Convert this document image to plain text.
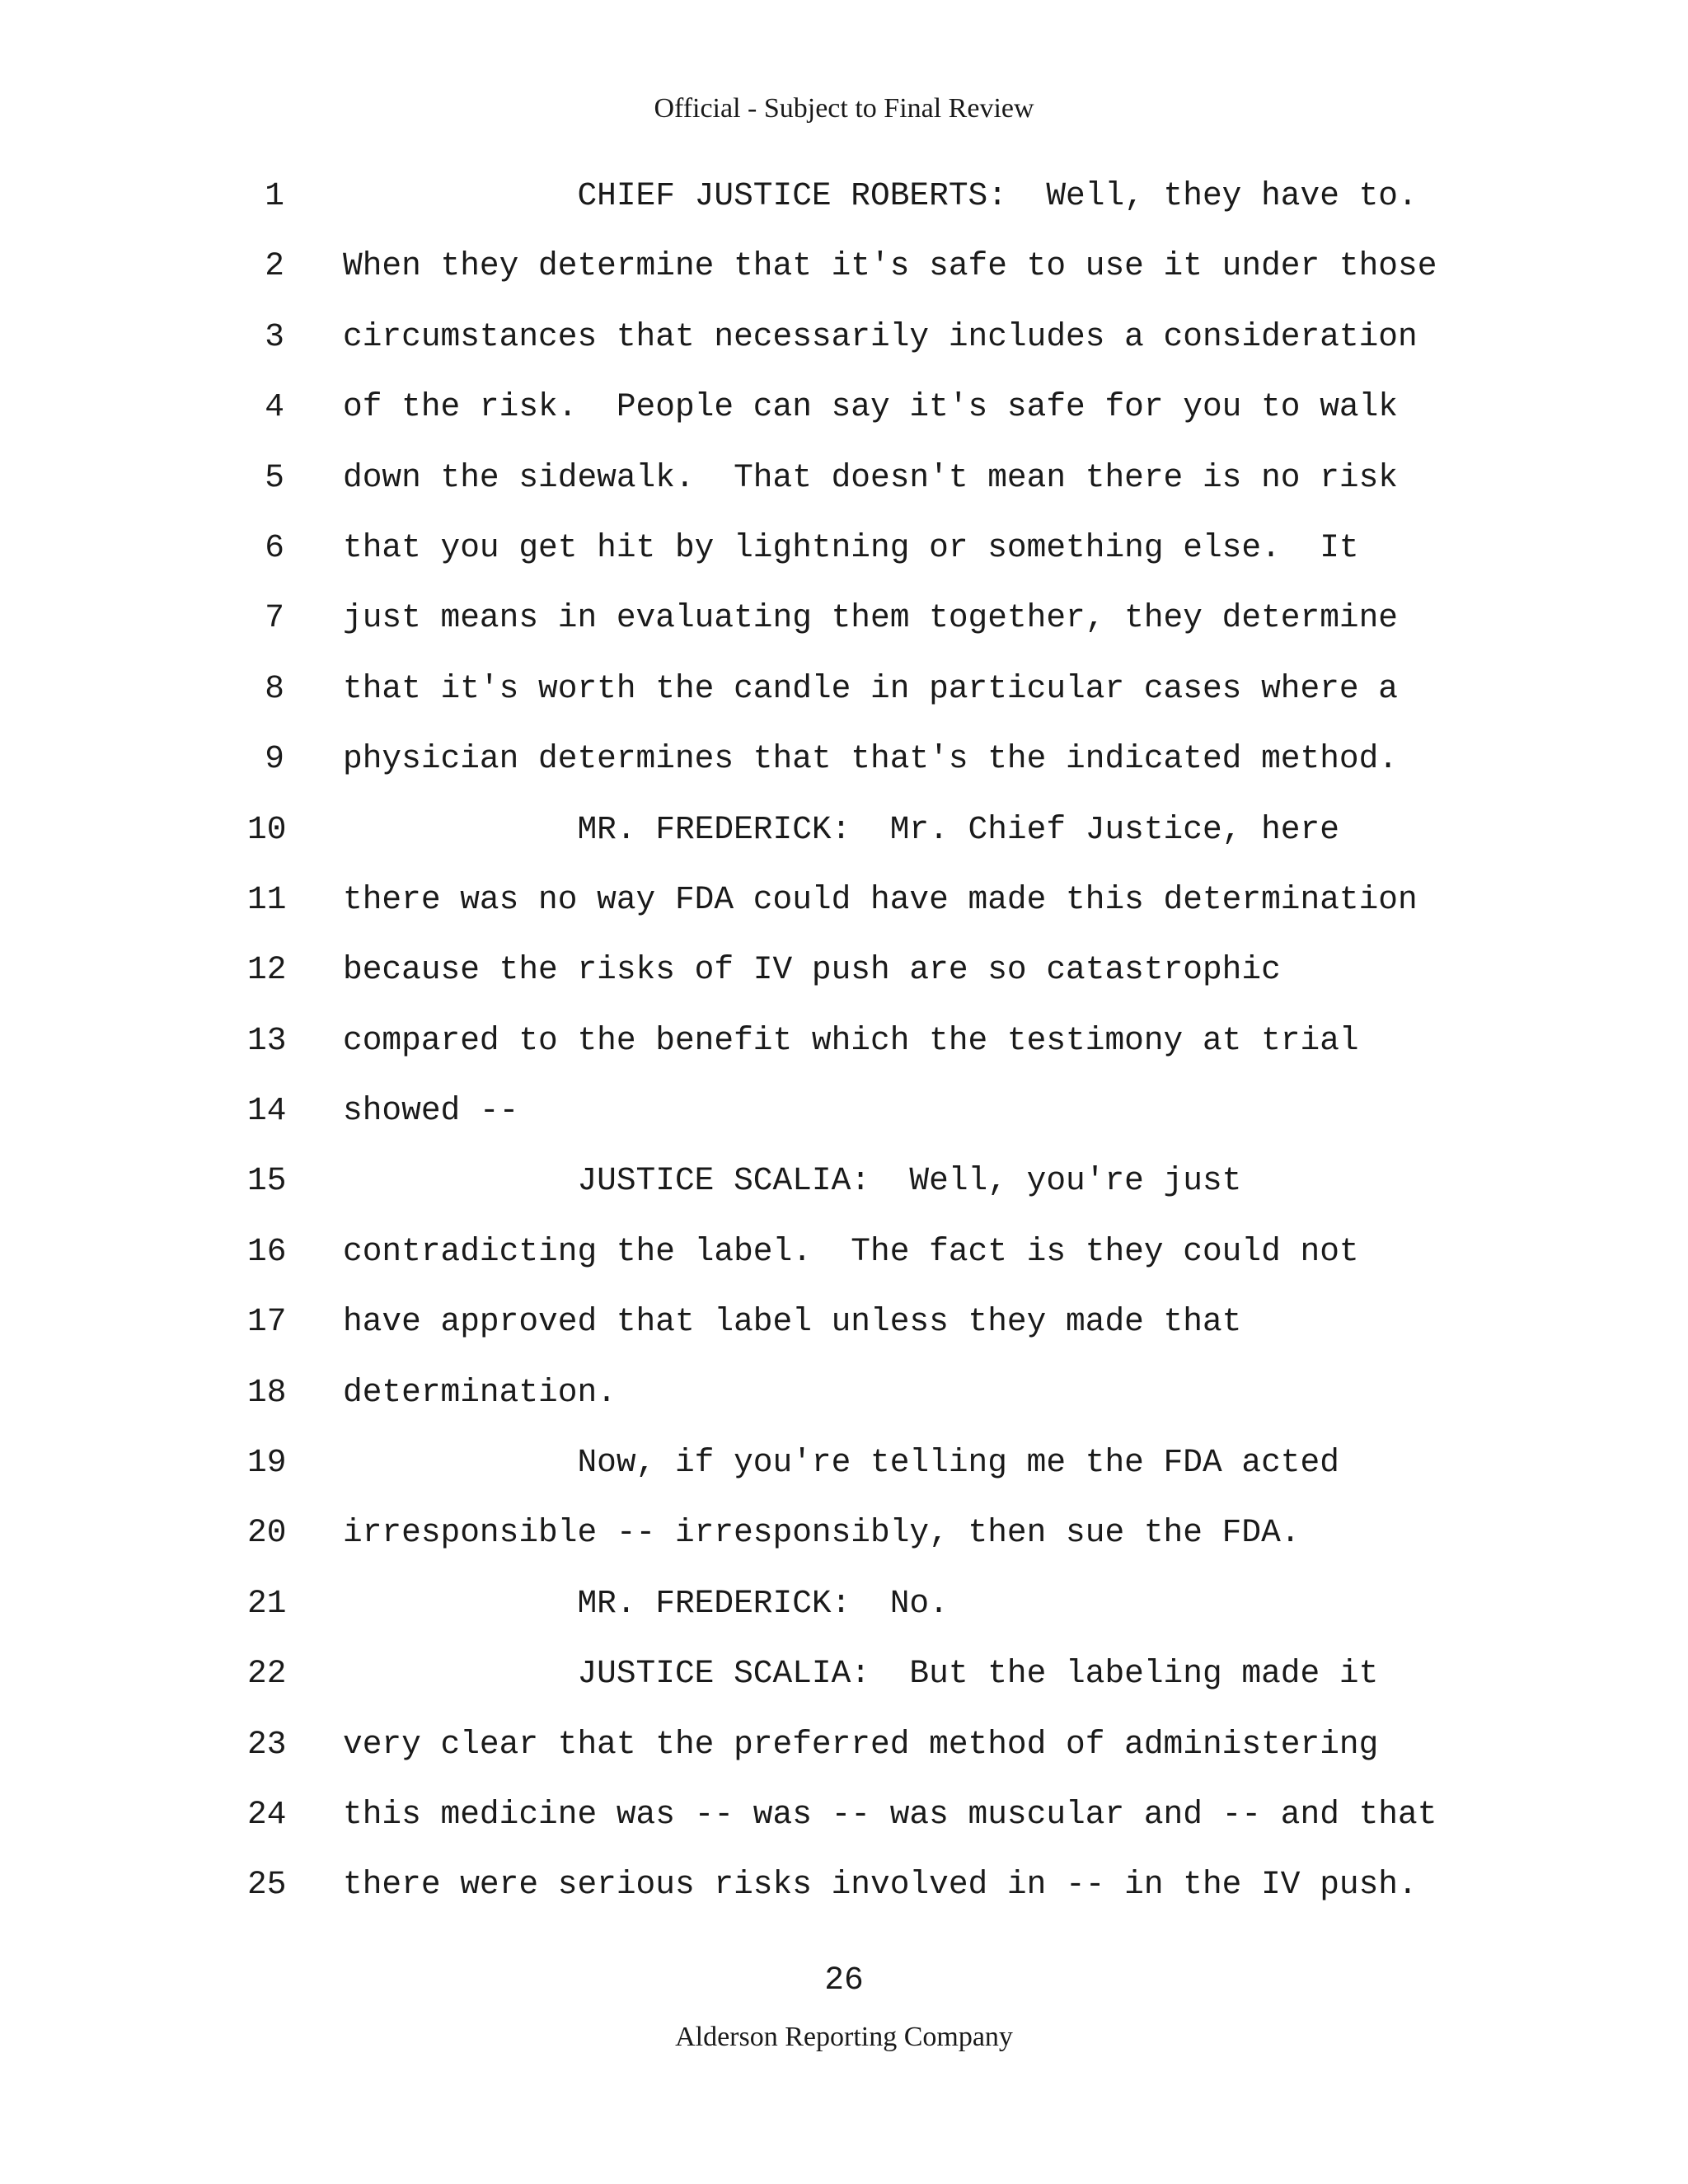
Official - Subject to Final Review
1 CHIEF JUSTICE ROBERTS:  Well, they have to.
2 When they determine that it's safe to use it under those
3 circumstances that necessarily includes a consideration
4 of the risk.  People can say it's safe for you to walk
5 down the sidewalk.  That doesn't mean there is no risk
6 that you get hit by lightning or something else.  It
7 just means in evaluating them together, they determine
8 that it's worth the candle in particular cases where a
9 physician determines that that's the indicated method.
10 MR. FREDERICK:  Mr. Chief Justice, here
11 there was no way FDA could have made this determination
12 because the risks of IV push are so catastrophic
13 compared to the benefit which the testimony at trial
14 showed --
15 JUSTICE SCALIA:  Well, you're just
16 contradicting the label.  The fact is they could not
17 have approved that label unless they made that
18 determination.
19 Now, if you're telling me the FDA acted
20 irresponsible -- irresponsibly, then sue the FDA.
21 MR. FREDERICK:  No.
22 JUSTICE SCALIA:  But the labeling made it
23 very clear that the preferred method of administering
24 this medicine was -- was -- was muscular and -- and that
25 there were serious risks involved in -- in the IV push.
26
Alderson Reporting Company
